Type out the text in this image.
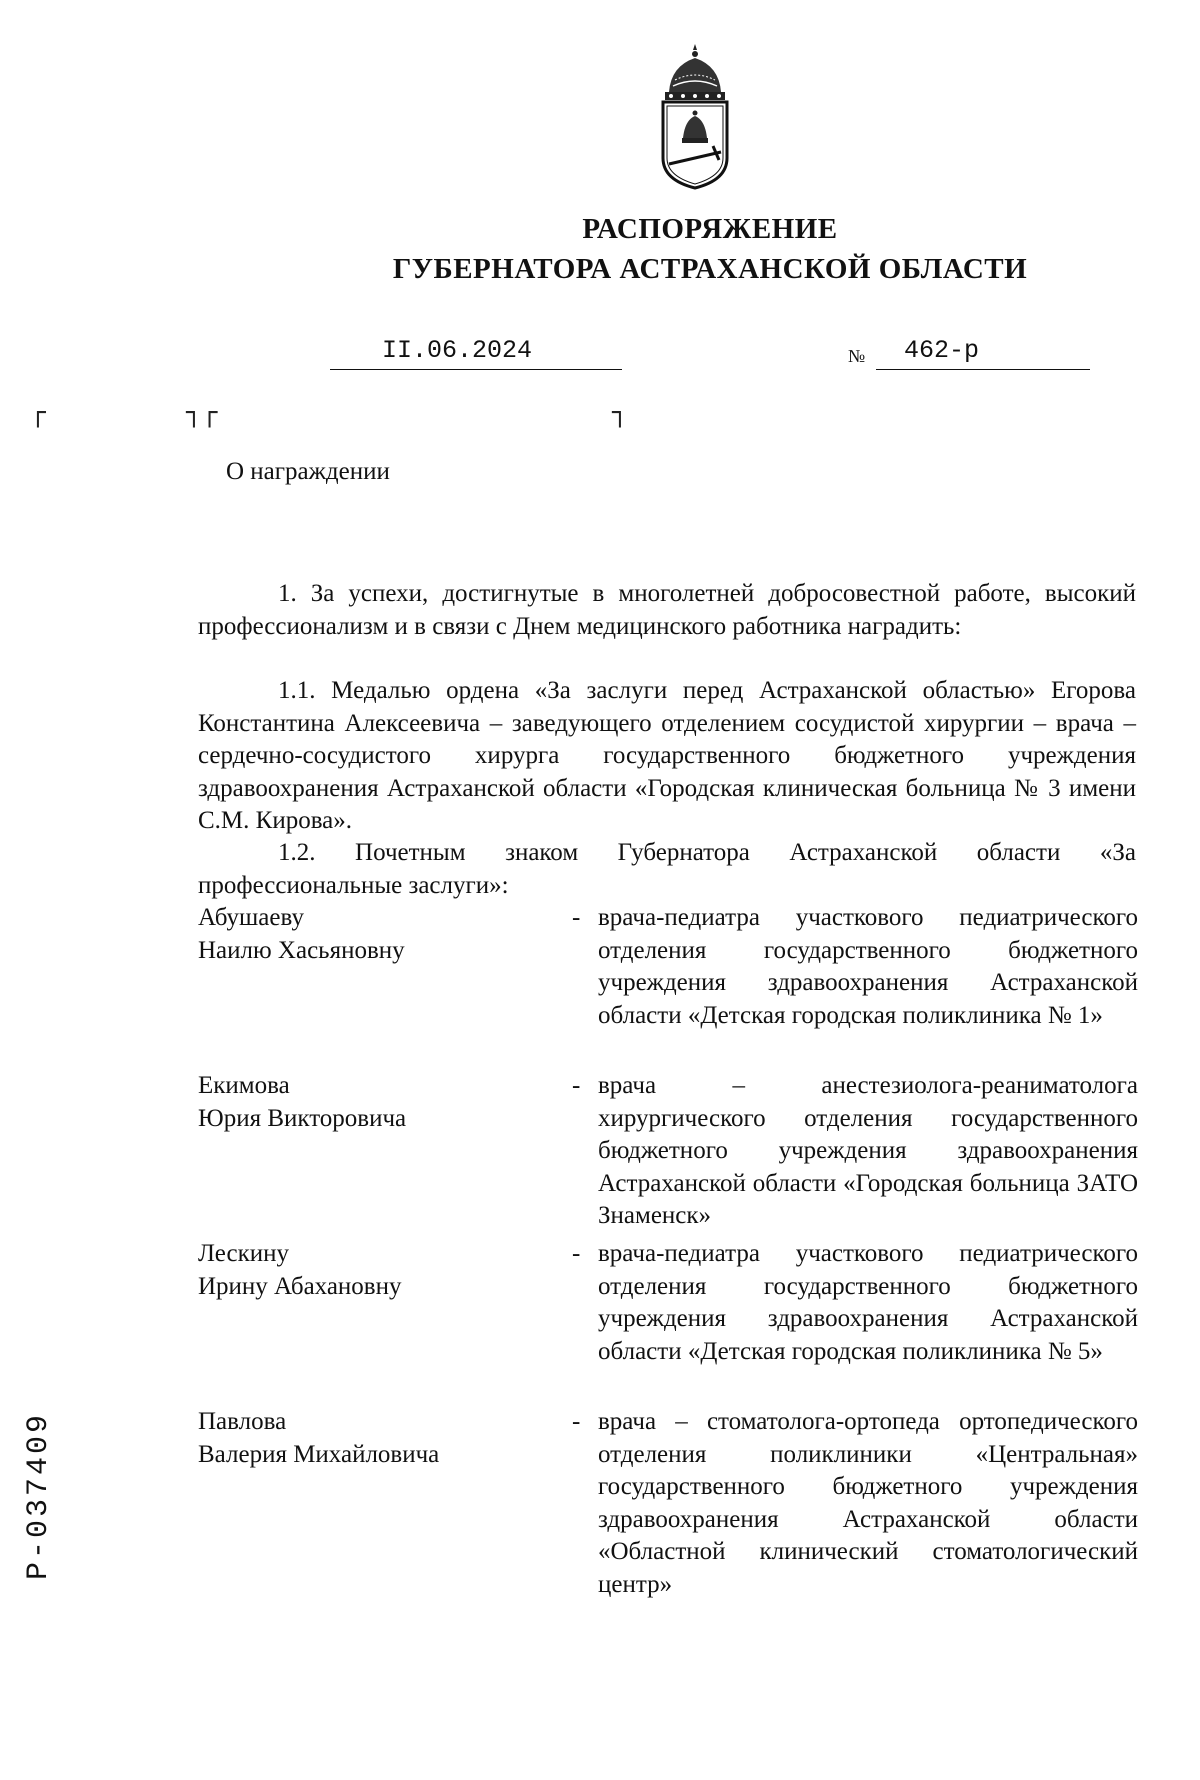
РАСПОРЯЖЕНИЕ
ГУБЕРНАТОРА АСТРАХАНСКОЙ ОБЛАСТИ
II.06.2024	№	462-р
┌	┐┌	┐
О награждении
1. За успехи, достигнутые в многолетней добросовестной работе, высокий профессионализм и в связи с Днем медицинского работника наградить:
1.1. Медалью ордена «За заслуги перед Астраханской областью» Егорова Константина Алексеевича – заведующего отделением сосудистой хирургии – врача – сердечно-сосудистого хирурга государственного бюджетного учреждения здравоохранения Астраханской области «Городская клиническая больница № 3 имени С.М. Кирова».
1.2. Почетным знаком Губернатора Астраханской области «За профессиональные заслуги»:
Абушаеву
Наилю Хасьяновну
- врача-педиатра участкового педиатрического отделения государственного бюджетного учреждения здравоохранения Астраханской области «Детская городская поликлиника № 1»
Екимова
Юрия Викторовича
- врача – анестезиолога-реаниматолога хирургического отделения государственного бюджетного учреждения здравоохранения Астраханской области «Городская больница ЗАТО Знаменск»
Лескину
Ирину Абахановну
- врача-педиатра участкового педиатрического отделения государственного бюджетного учреждения здравоохранения Астраханской области «Детская городская поликлиника № 5»
Павлова
Валерия Михайловича
- врача – стоматолога-ортопеда ортопедического отделения поликлиники «Центральная» государственного бюджетного учреждения здравоохранения Астраханской области «Областной клинический стоматологический центр»
Р-037409
